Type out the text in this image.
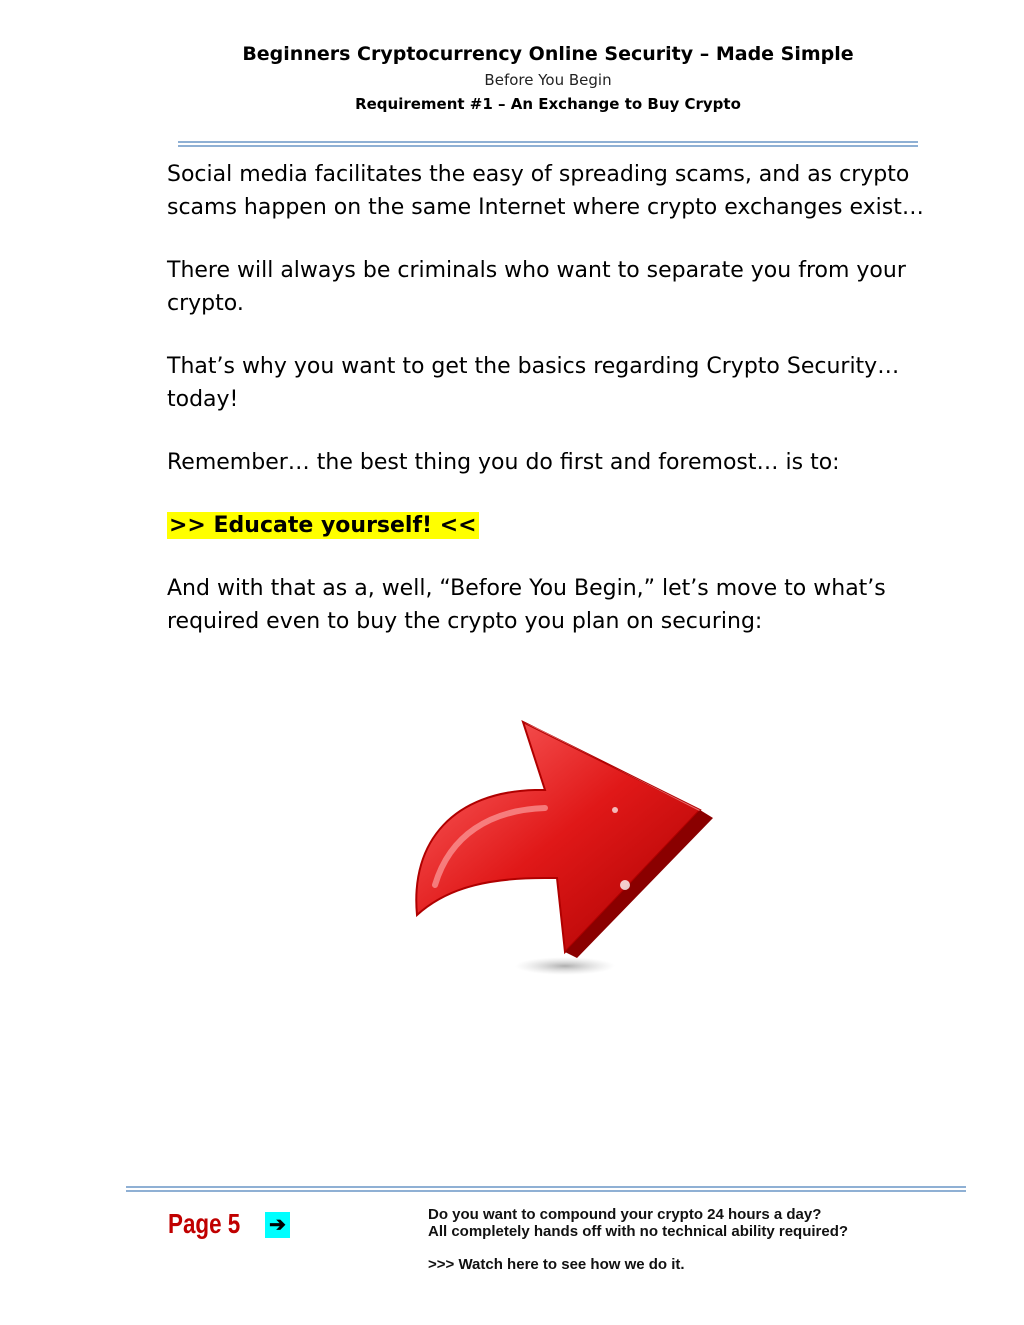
Beginners Cryptocurrency Online Security – Made Simple
Before You Begin
Requirement #1 – An Exchange to Buy Crypto

Social media facilitates the easy of spreading scams, and as crypto scams happen on the same Internet where crypto exchanges exist…

There will always be criminals who want to separate you from your crypto.

That’s why you want to get the basics regarding Crypto Security… today!

Remember… the best thing you do first and foremost… is to:

>> Educate yourself! <<

And with that as a, well, “Before You Begin,” let’s move to what’s required even to buy the crypto you plan on securing:

Page 5 ➔	Do you want to compound your crypto 24 hours a day?
All completely hands off with no technical ability required?
>>> Watch here to see how we do it.
